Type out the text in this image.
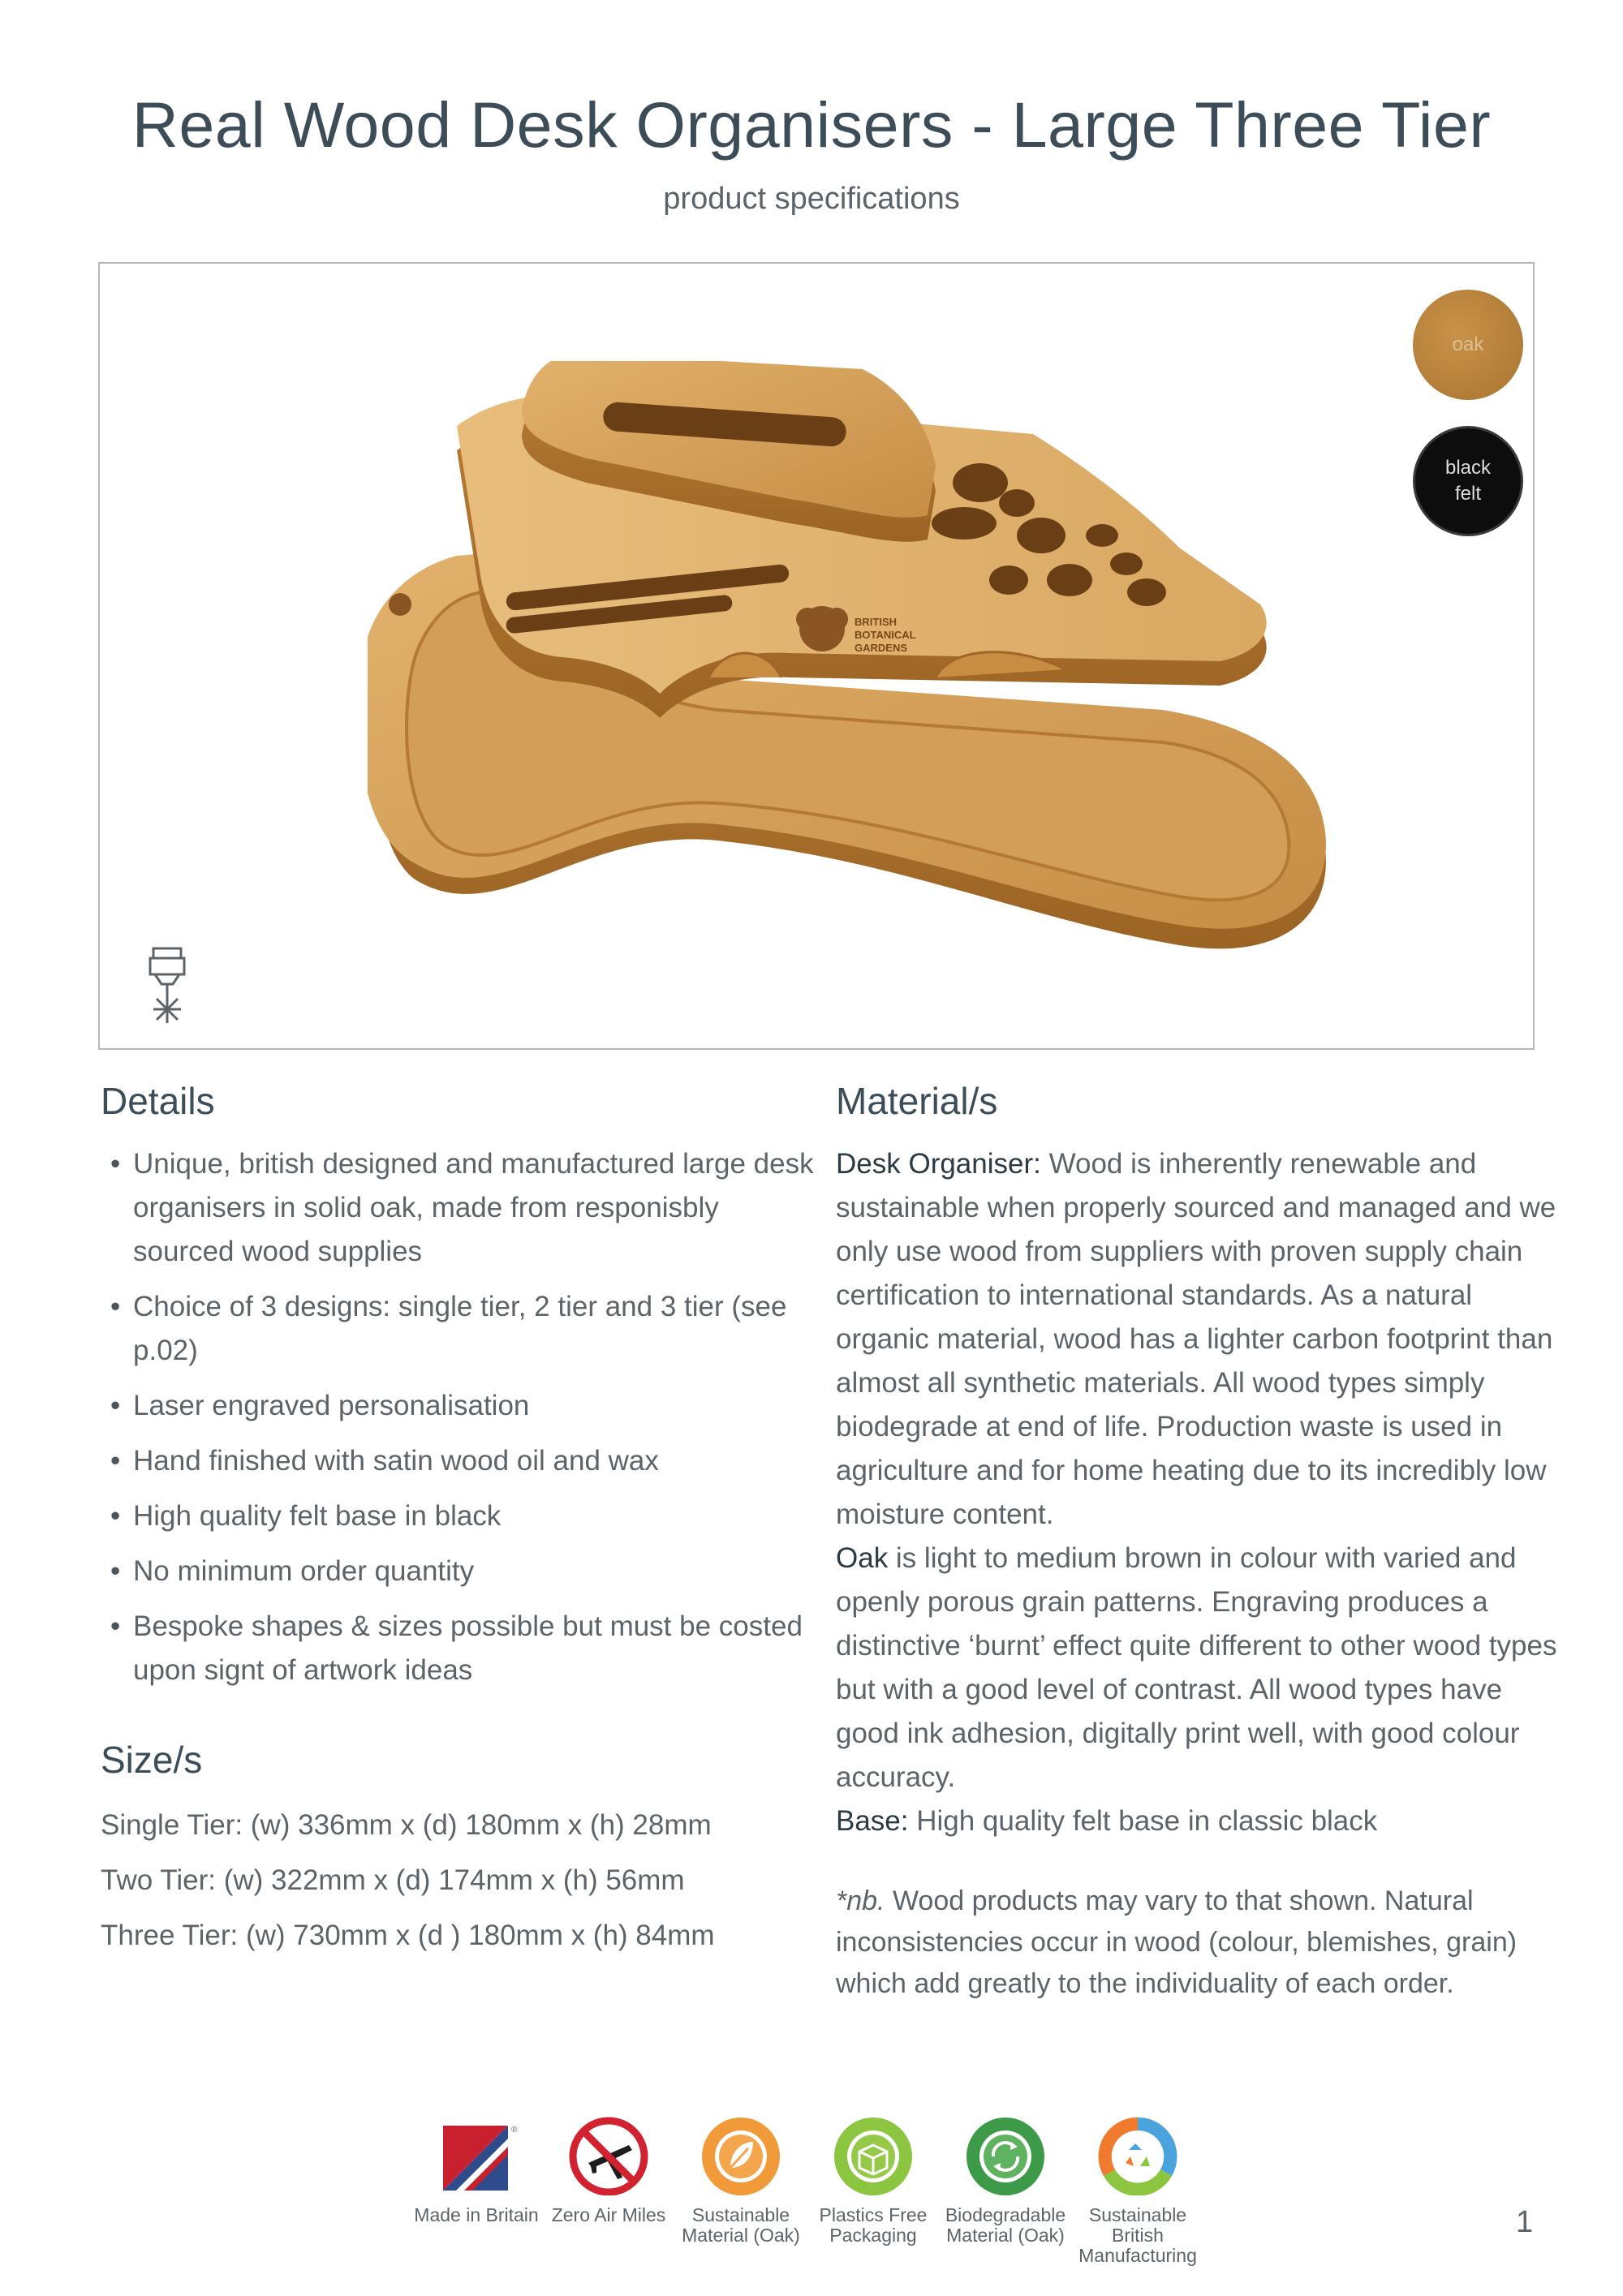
Real Wood Desk Organisers - Large Three Tier
product specifications
BRITISH
BOTANICAL
GARDENS
oak
black felt
Details
• Unique, british designed and manufactured large desk organisers in solid oak, made from responisbly sourced wood supplies
• Choice of 3 designs: single tier, 2 tier and 3 tier (see p.02)
• Laser engraved personalisation
• Hand finished with satin wood oil and wax
• High quality felt base in black
• No minimum order quantity
• Bespoke shapes & sizes possible but must be costed upon signt of artwork ideas
Size/s
Single Tier: (w) 336mm x (d) 180mm x (h) 28mm
Two Tier: (w) 322mm x (d) 174mm x (h) 56mm
Three Tier: (w) 730mm x (d ) 180mm x (h) 84mm
Material/s
Desk Organiser: Wood is inherently renewable and sustainable when properly sourced and managed and we only use wood from suppliers with proven supply chain certification to international standards. As a natural organic material, wood has a lighter carbon footprint than almost all synthetic materials. All wood types simply biodegrade at end of life. Production waste is used in agriculture and for home heating due to its incredibly low moisture content.
Oak is light to medium brown in colour with varied and openly porous grain patterns. Engraving produces a distinctive ‘burnt’ effect quite different to other wood types but with a good level of contrast. All wood types have good ink adhesion, digitally print well, with good colour accuracy.
Base: High quality felt base in classic black
*nb. Wood products may vary to that shown. Natural inconsistencies occur in wood (colour, blemishes, grain) which add greatly to the individuality of each order.
®
Made in Britain Zero Air Miles	Sustainable Material (Oak)
Plastics Free Packaging
Biodegradable Material (Oak)
Sustainable British Manufacturing
1
